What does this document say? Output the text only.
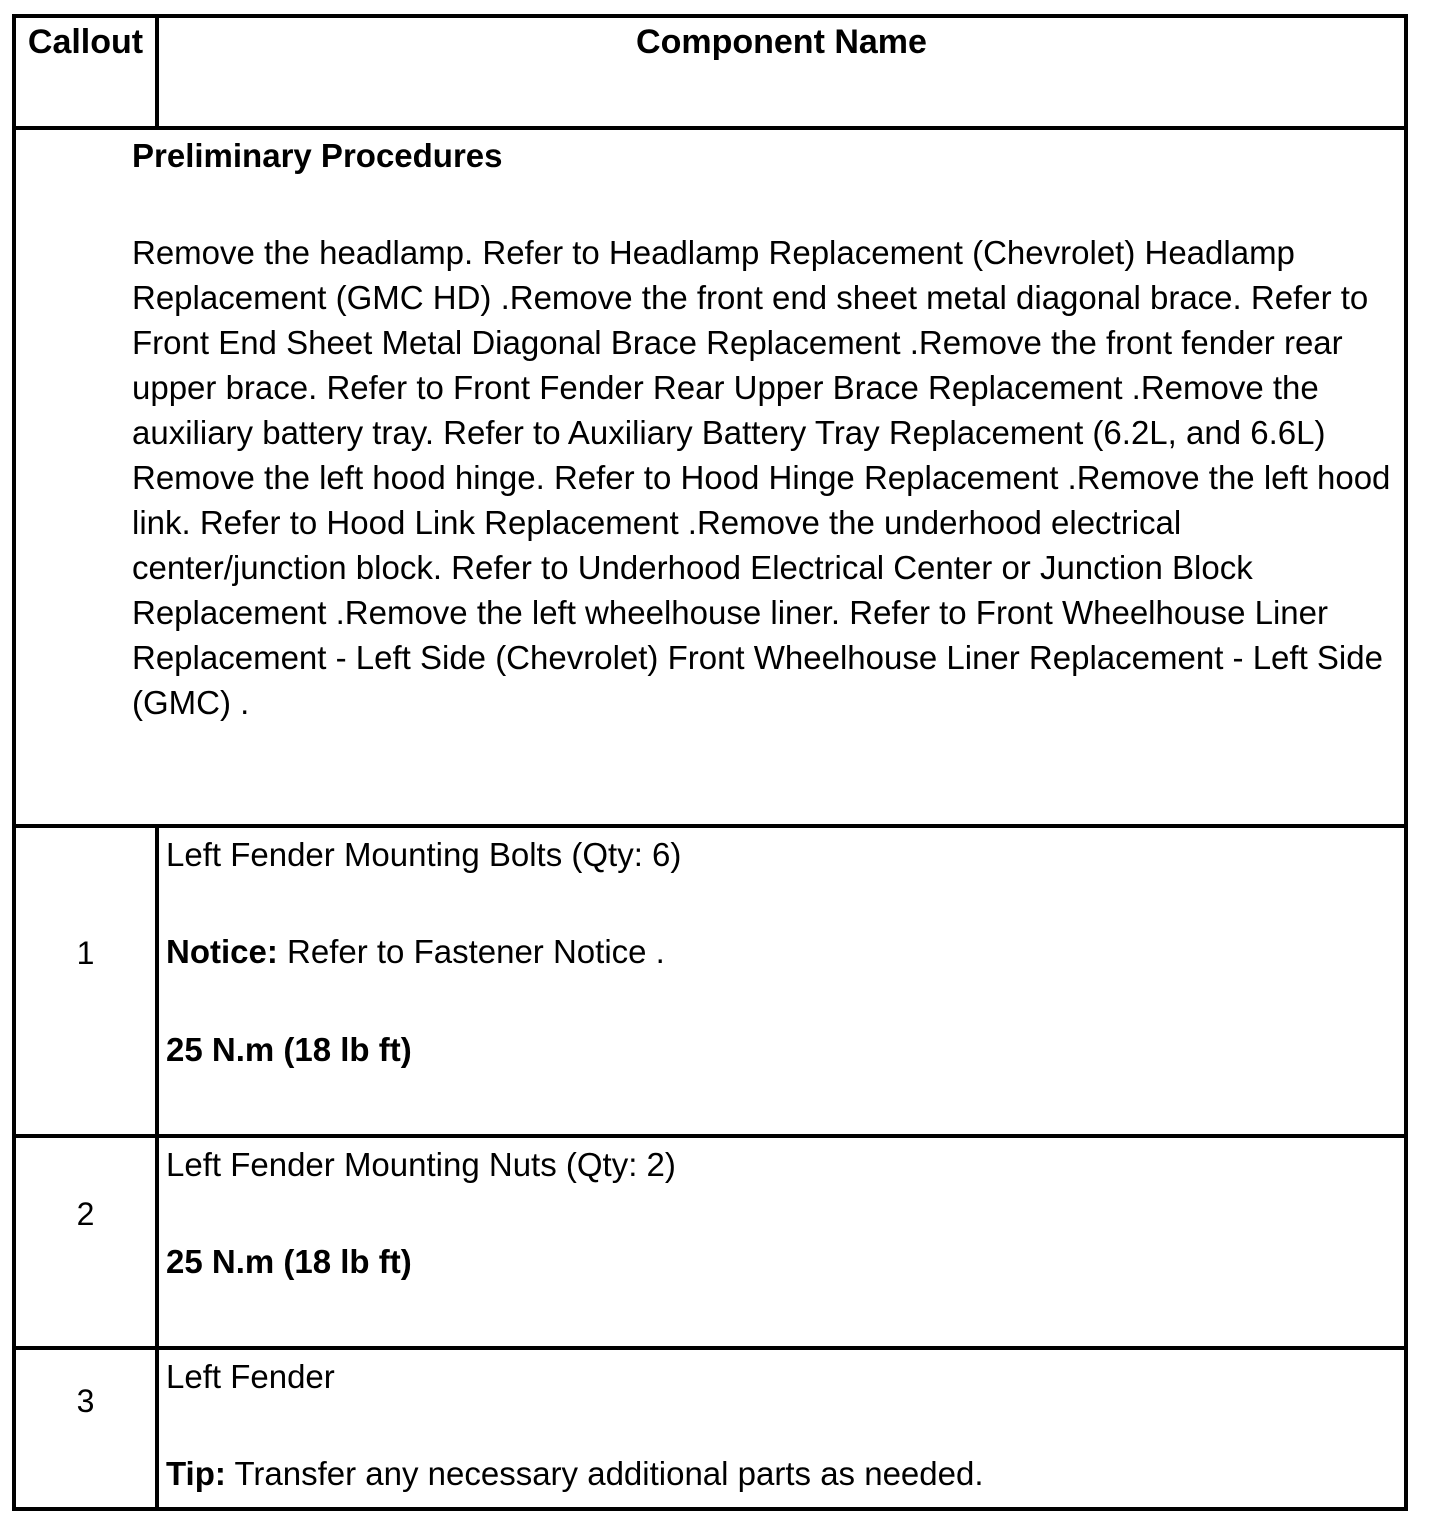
Callout	Component Name

Preliminary Procedures

Remove the headlamp. Refer to Headlamp Replacement (Chevrolet) Headlamp Replacement (GMC HD) .Remove the front end sheet metal diagonal brace. Refer to Front End Sheet Metal Diagonal Brace Replacement .Remove the front fender rear upper brace. Refer to Front Fender Rear Upper Brace Replacement .Remove the auxiliary battery tray. Refer to Auxiliary Battery Tray Replacement (6.2L, and 6.6L) Remove the left hood hinge. Refer to Hood Hinge Replacement .Remove the left hood link. Refer to Hood Link Replacement .Remove the underhood electrical center/junction block. Refer to Underhood Electrical Center or Junction Block Replacement .Remove the left wheelhouse liner. Refer to Front Wheelhouse Liner Replacement - Left Side (Chevrolet) Front Wheelhouse Liner Replacement - Left Side (GMC) .

1

Left Fender Mounting Bolts (Qty: 6)

Notice: Refer to Fastener Notice .

25 N.m (18 lb ft)

2

Left Fender Mounting Nuts (Qty: 2)

25 N.m (18 lb ft)

3

Left Fender

Tip: Transfer any necessary additional parts as needed.
